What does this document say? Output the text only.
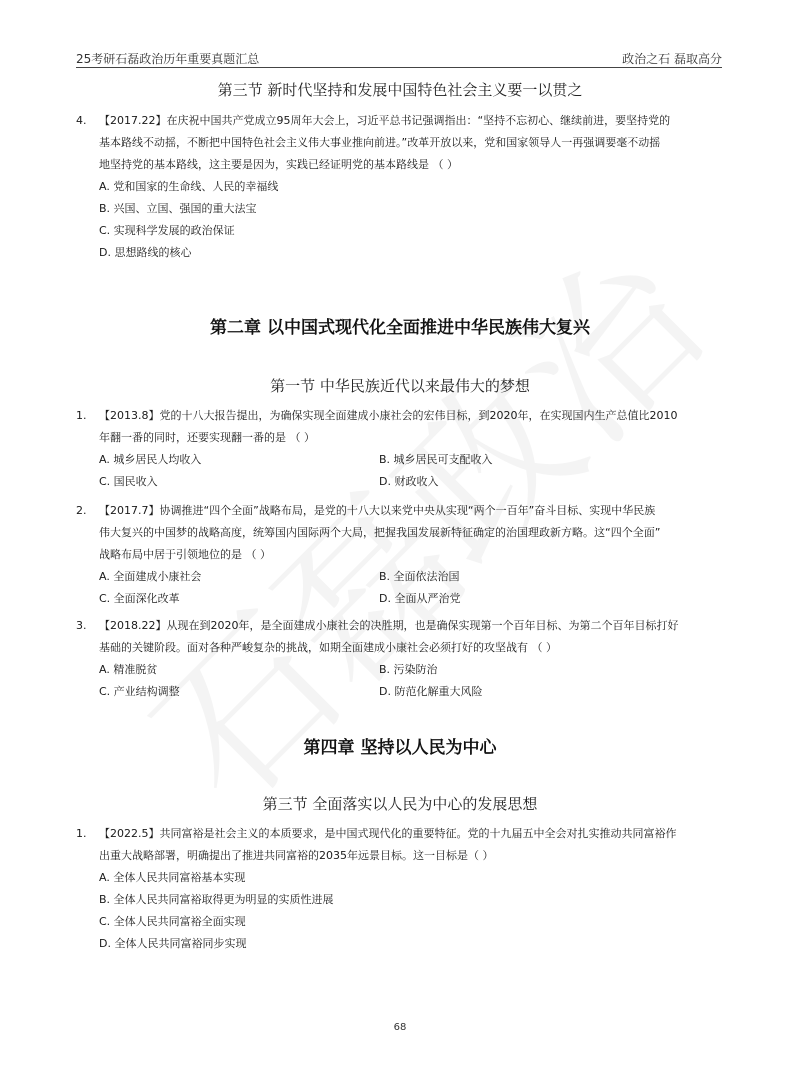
25考研石磊政治历年重要真题汇总	政治之石 磊取高分
第三节 新时代坚持和发展中国特色社会主义要一以贯之
4. 【2017.22】在庆祝中国共产党成立95周年大会上，习近平总书记强调指出：“坚持不忘初心、继续前进，要坚持党的
基本路线不动摇，不断把中国特色社会主义伟大事业推向前进。”改革开放以来，党和国家领导人一再强调要毫不动摇
地坚持党的基本路线，这主要是因为，实践已经证明党的基本路线是 （ ）
A. 党和国家的生命线、人民的幸福线
B. 兴国、立国、强国的重大法宝
C. 实现科学发展的政治保证
D. 思想路线的核心
第二章 以中国式现代化全面推进中华民族伟大复兴
第一节 中华民族近代以来最伟大的梦想
1. 【2013.8】党的十八大报告提出，为确保实现全面建成小康社会的宏伟目标，到2020年，在实现国内生产总值比2010
年翻一番的同时，还要实现翻一番的是 （ ）
A. 城乡居民人均收入	B. 城乡居民可支配收入
C. 国民收入	D. 财政收入
2. 【2017.7】协调推进“四个全面”战略布局，是党的十八大以来党中央从实现“两个一百年”奋斗目标、实现中华民族
伟大复兴的中国梦的战略高度，统筹国内国际两个大局，把握我国发展新特征确定的治国理政新方略。这“四个全面”
战略布局中居于引领地位的是 （ ）
A. 全面建成小康社会	B. 全面依法治国
C. 全面深化改革	D. 全面从严治党
3. 【2018.22】从现在到2020年，是全面建成小康社会的决胜期，也是确保实现第一个百年目标、为第二个百年目标打好
基础的关键阶段。面对各种严峻复杂的挑战，如期全面建成小康社会必须打好的攻坚战有 （ ）
A. 精准脱贫	B. 污染防治
C. 产业结构调整	D. 防范化解重大风险
第四章 坚持以人民为中心
第三节 全面落实以人民为中心的发展思想
1. 【2022.5】共同富裕是社会主义的本质要求，是中国式现代化的重要特征。党的十九届五中全会对扎实推动共同富裕作
出重大战略部署，明确提出了推进共同富裕的2035年远景目标。这一目标是（ ）
A. 全体人民共同富裕基本实现
B. 全体人民共同富裕取得更为明显的实质性进展
C. 全体人民共同富裕全面实现
D. 全体人民共同富裕同步实现
68
